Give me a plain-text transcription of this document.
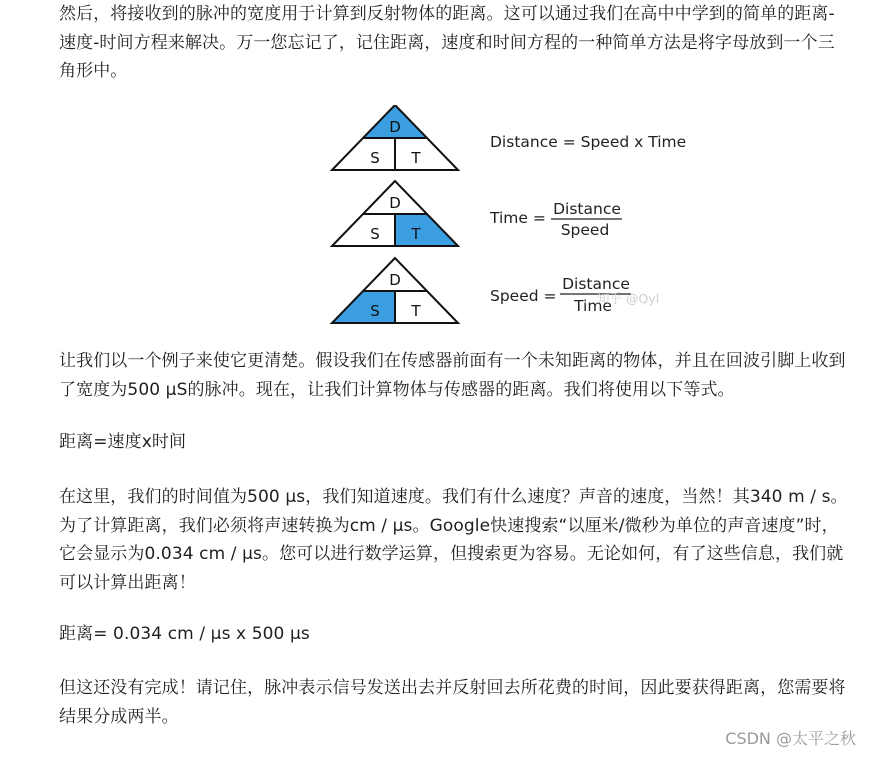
然后，将接收到的脉冲的宽度用于计算到反射物体的距离。这可以通过我们在高中中学到的简单的距离-速度-时间方程来解决。万一您忘记了，记住距离，速度和时间方程的一种简单方法是将字母放到一个三角形中。

D
S T
D
S T
D
S T
Distance = Speed x Time
Time = Distance
Speed
Speed =
Distance
Time
知乎 @Qyl

让我们以一个例子来使它更清楚。假设我们在传感器前面有一个未知距离的物体，并且在回波引脚上收到了宽度为500 µS的脉冲。现在，让我们计算物体与传感器的距离。我们将使用以下等式。

距离=速度x时间

在这里，我们的时间值为500 µs，我们知道速度。我们有什么速度？声音的速度，当然！其340 m / s。为了计算距离，我们必须将声速转换为cm / µs。Google快速搜索“以厘米/微秒为单位的声音速度”时，它会显示为0.034 cm / µs。您可以进行数学运算，但搜索更为容易。无论如何，有了这些信息，我们就可以计算出距离！

距离= 0.034 cm / µs x 500 µs

但这还没有完成！请记住，脉冲表示信号发送出去并反射回去所花费的时间，因此要获得距离，您需要将结果分成两半。

CSDN @太平之秋
